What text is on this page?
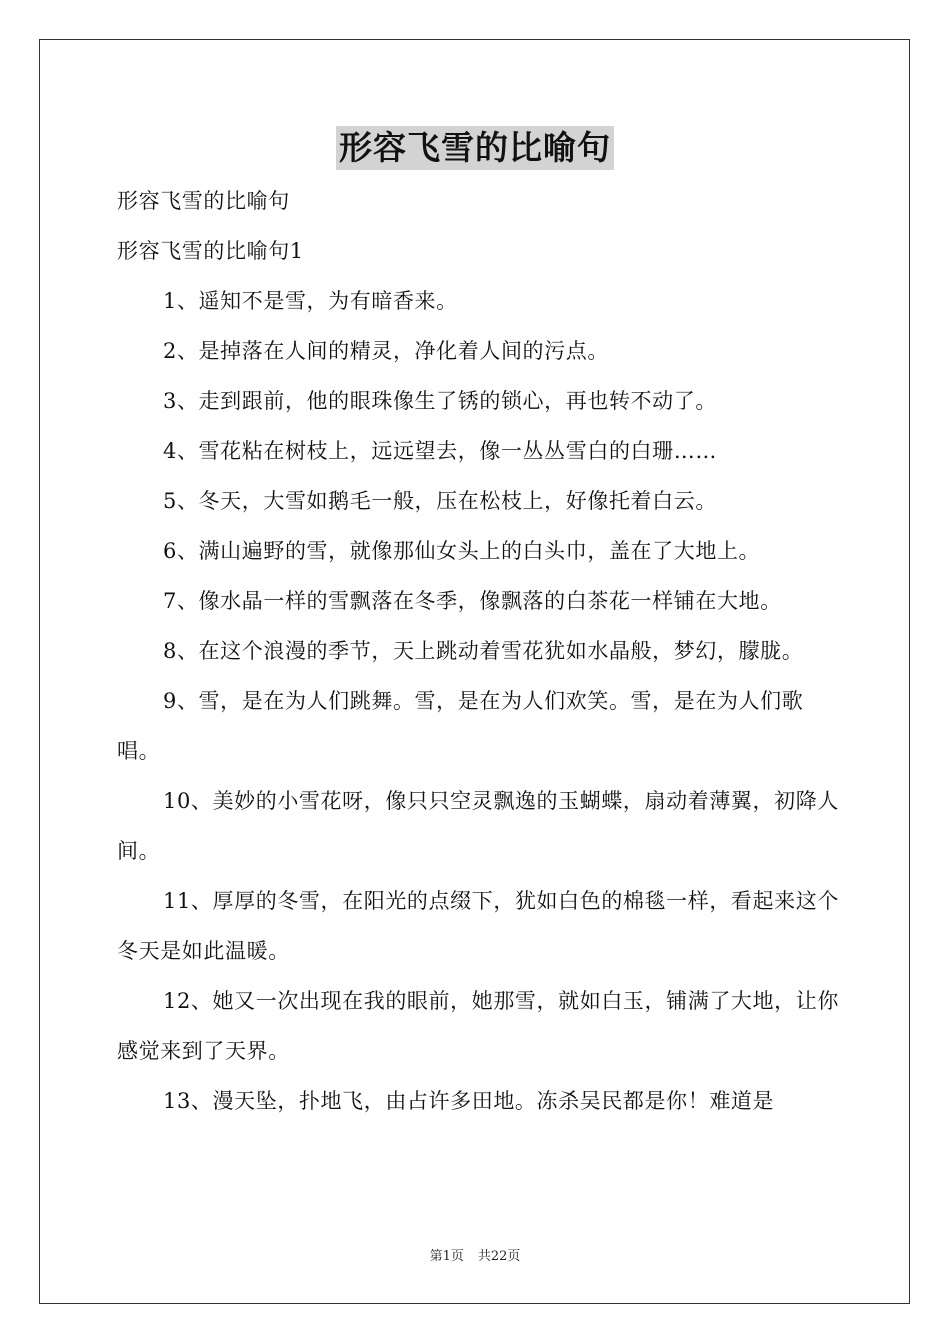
形容飞雪的比喻句

形容飞雪的比喻句

形容飞雪的比喻句1

1、遥知不是雪，为有暗香来。

2、是掉落在人间的精灵，净化着人间的污点。

3、走到跟前，他的眼珠像生了锈的锁心，再也转不动了。

4、雪花粘在树枝上，远远望去，像一丛丛雪白的白珊……

5、冬天，大雪如鹅毛一般，压在松枝上，好像托着白云。

6、满山遍野的雪，就像那仙女头上的白头巾，盖在了大地上。

7、像水晶一样的雪飘落在冬季，像飘落的白茶花一样铺在大地。

8、在这个浪漫的季节，天上跳动着雪花犹如水晶般，梦幻，朦胧。

9、雪，是在为人们跳舞。雪，是在为人们欢笑。雪，是在为人们歌唱。

10、美妙的小雪花呀，像只只空灵飘逸的玉蝴蝶，扇动着薄翼，初降人间。

11、厚厚的冬雪，在阳光的点缀下，犹如白色的棉毯一样，看起来这个冬天是如此温暖。

12、她又一次出现在我的眼前，她那雪，就如白玉，铺满了大地，让你感觉来到了天界。

13、漫天坠，扑地飞，由占许多田地。冻杀吴民都是你！难道是

第1页 共22页
